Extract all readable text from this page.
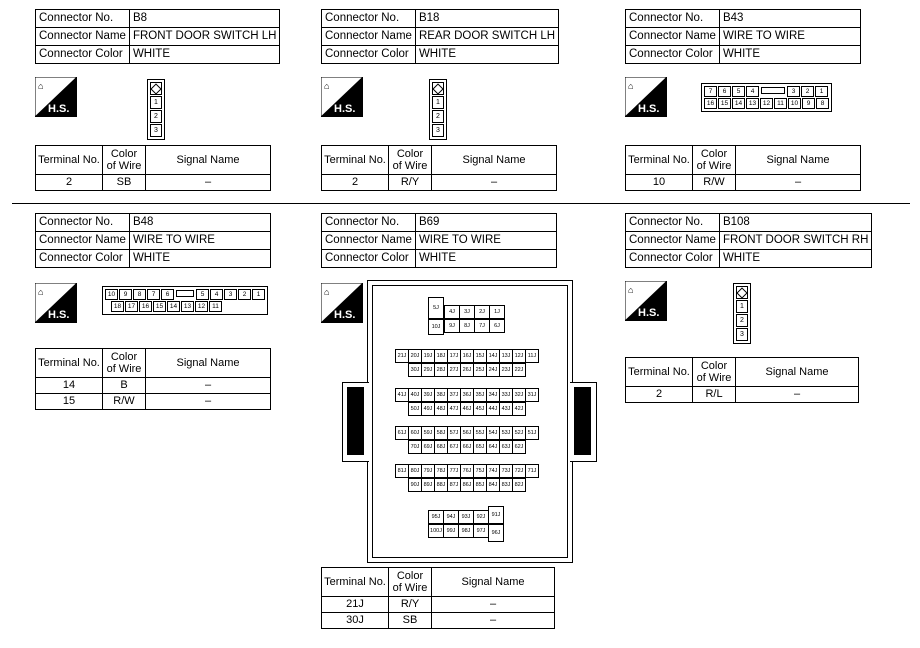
Connector No.	B8
Connector Name	FRONT DOOR SWITCH LH
Connector Color	WHITE
⌂
H.S.
1
2
3
Terminal No.	Color of Wire	Signal Name
2	SB	–
Connector No.	B18
Connector Name	REAR DOOR SWITCH LH
Connector Color	WHITE
⌂
H.S.
1
2
3
Terminal No.	Color of Wire	Signal Name
2	R/Y	–
Connector No.	B43
Connector Name	WIRE TO WIRE
Connector Color	WHITE
⌂
H.S.
7	6	5	4	3	2	1
16	15	14	13	12	11	10	9	8
Terminal No.	Color of Wire	Signal Name
10	R/W	–
Connector No.	B48
Connector Name	WIRE TO WIRE
Connector Color	WHITE
⌂
H.S.
10	9	8	7	6	5	4	3	2	1
18	17	16	15	14	13	12	11
Terminal No.	Color of Wire	Signal Name
14	B	–
15	R/W	–
Connector No.	B69
Connector Name	WIRE TO WIRE
Connector Color	WHITE
⌂
H.S.
5J
4J	3J	2J	1J
10J	9J	8J	7J	6J
21J 20J 19J 18J 17J 16J 15J 14J 13J 12J 11J
30J 29J 28J 27J 26J 25J 24J 23J 22J
41J 40J 39J 38J 37J 36J 35J 34J 33J 32J 31J
50J 49J 48J 47J 46J 45J 44J 43J 42J
61J 60J 59J 58J 57J 56J 55J 54J 53J 52J 51J
70J 69J 68J 67J 66J 65J 64J 63J 62J
81J 80J 79J 78J 77J 76J 75J 74J 73J 72J 71J
90J 89J 88J 87J 86J 85J 84J 83J 82J
95J	94J	93J	92J	91J
100J 99J	98J	97J	96J
Terminal No.	Color of Wire	Signal Name
21J	R/Y	–
30J	SB	–
Connector No.	B108
Connector Name	FRONT DOOR SWITCH RH
Connector Color	WHITE
⌂
H.S.
1
2
3
Terminal No.	Color of Wire	Signal Name
2	R/L	–
